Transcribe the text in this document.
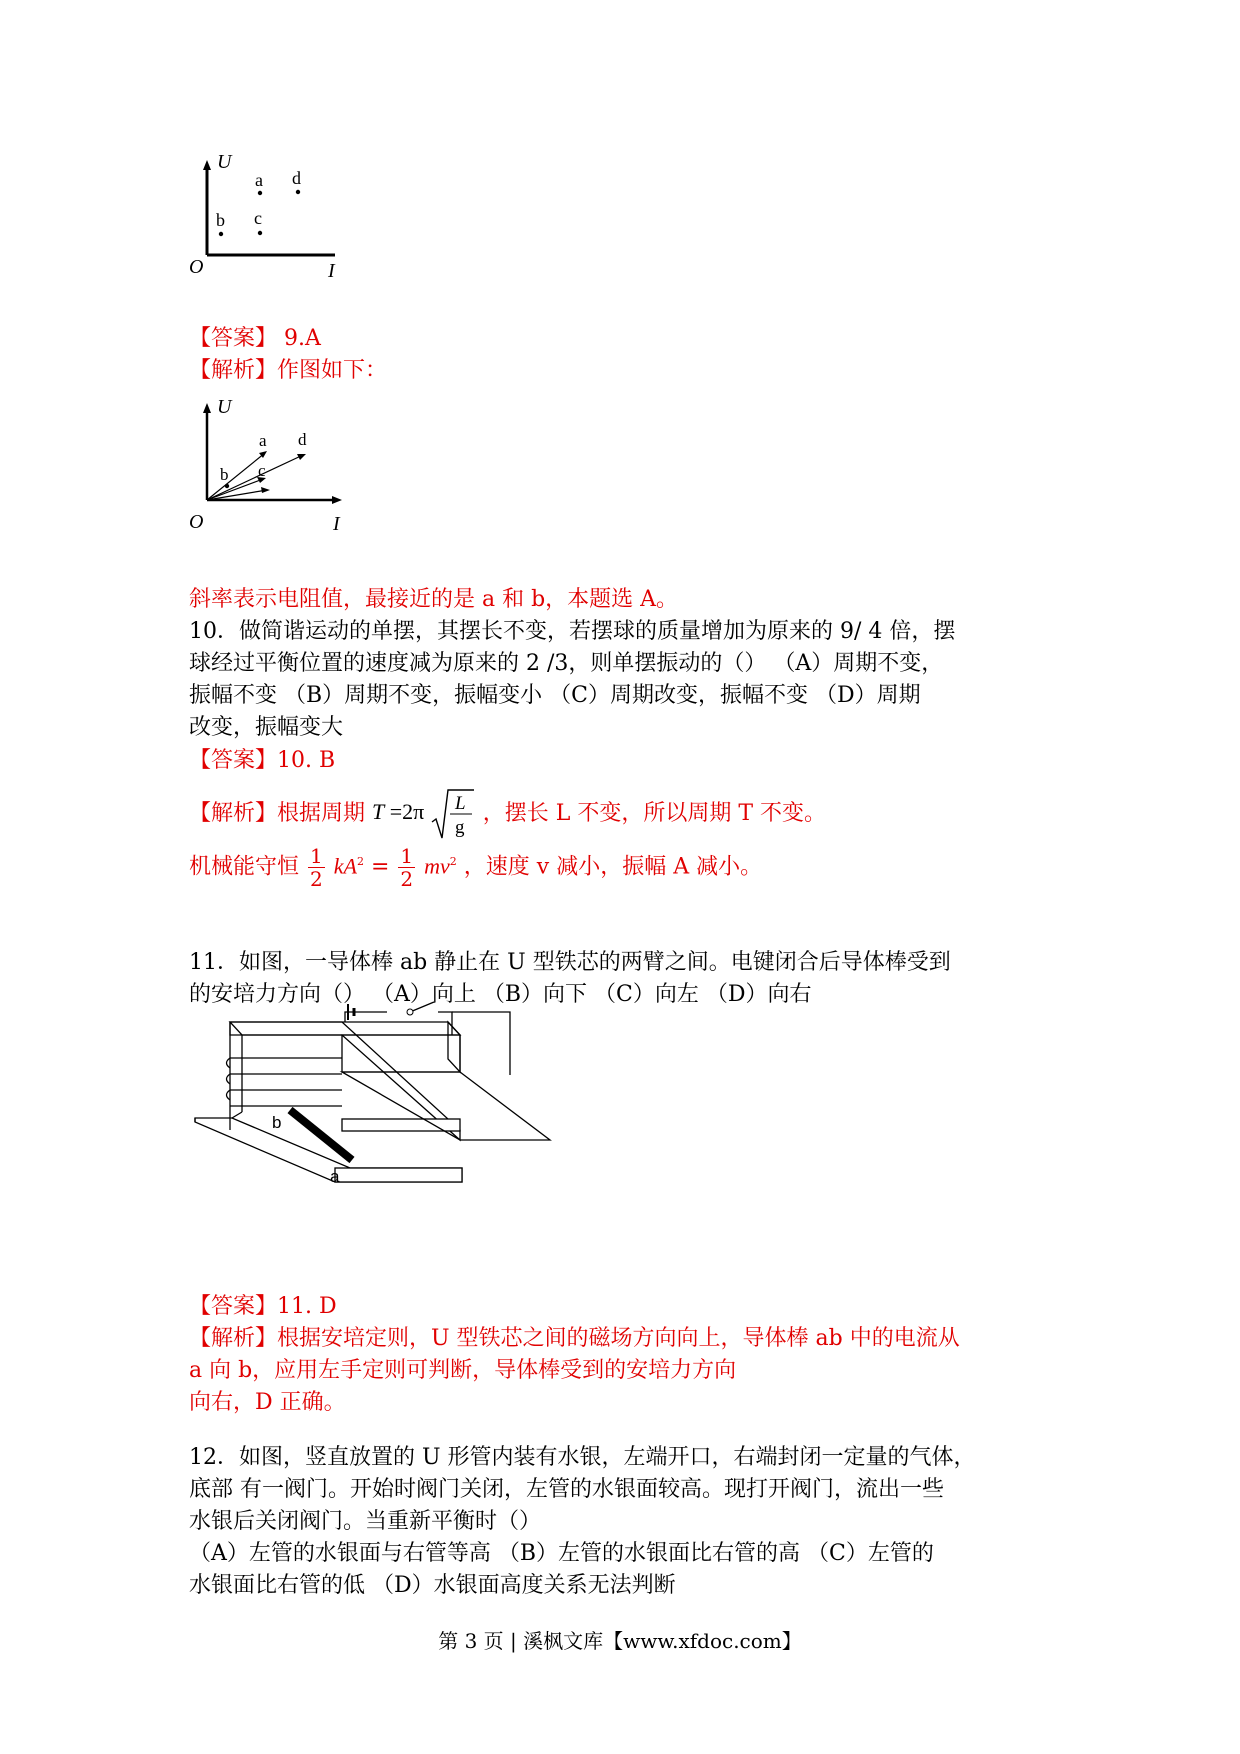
U
O	I
a d
b c
【答案】 9.A
【解析】作图如下：
U
O	I
a d
c
b
斜率表示电阻值，最接近的是 a 和 b，本题选 A。
10．做简谐运动的单摆，其摆长不变，若摆球的质量增加为原来的 9/ 4 倍，摆
球经过平衡位置的速度减为原来的 2 /3，则单摆振动的（） （A）周期不变，
振幅不变 （B）周期不变，振幅变小 （C）周期改变，振幅不变 （D）周期
改变，振幅变大
【答案】10. B
【解析】根据周期 T =2π L
g
，摆长 L 不变，所以周期 T 不变。
机械能守恒 $\frac{1}{2} kA^2 = \frac{1}{2} mv^2$ ，速度 v 减小，振幅 A 减小。
11．如图，一导体棒 ab 静止在 U 型铁芯的两臂之间。电键闭合后导体棒受到
的安培力方向（） （A）向上 （B）向下 （C）向左 （D）向右
b
a
【答案】11. D
【解析】根据安培定则，U 型铁芯之间的磁场方向向上，导体棒 ab 中的电流从
a 向 b，应用左手定则可判断，导体棒受到的安培力方向
向右，D 正确。
12．如图，竖直放置的 U 形管内装有水银，左端开口，右端封闭一定量的气体，
底部 有一阀门。开始时阀门关闭，左管的水银面较高。现打开阀门，流出一些
水银后关闭阀门。当重新平衡时（）
（A）左管的水银面与右管等高 （B）左管的水银面比右管的高 （C）左管的
水银面比右管的低 （D）水银面高度关系无法判断
第 3 页 | 溪枫文库【www.xfdoc.com】
